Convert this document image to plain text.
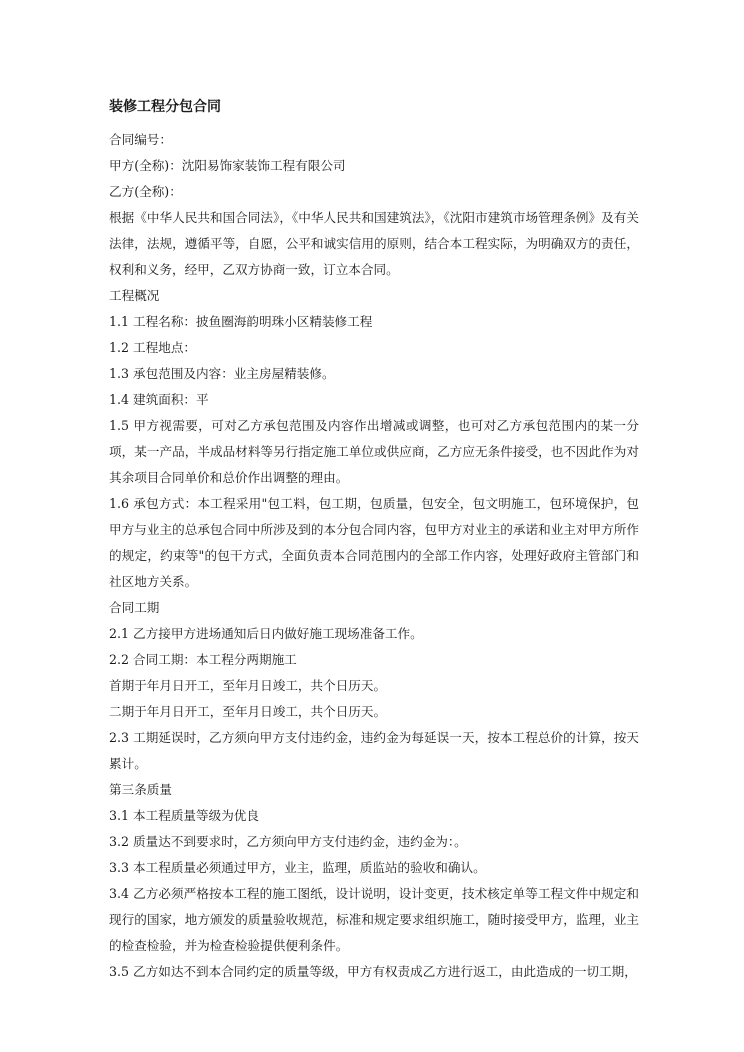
装修工程分包合同

合同编号：

甲方(全称)：沈阳易饰家装饰工程有限公司

乙方(全称)：

根据《中华人民共和国合同法》，《中华人民共和国建筑法》，《沈阳市建筑市场管理条例》及有关法律，法规，遵循平等，自愿，公平和诚实信用的原则，结合本工程实际，为明确双方的责任，权利和义务，经甲，乙双方协商一致，订立本合同。

工程概况

1.1 工程名称：披鱼圈海韵明珠小区精装修工程

1.2 工程地点：

1.3 承包范围及内容：业主房屋精装修。

1.4 建筑面积：平

1.5 甲方视需要，可对乙方承包范围及内容作出增减或调整，也可对乙方承包范围内的某一分项，某一产品，半成品材料等另行指定施工单位或供应商，乙方应无条件接受，也不因此作为对其余项目合同单价和总价作出调整的理由。

1.6 承包方式：本工程采用"包工料，包工期，包质量，包安全，包文明施工，包环境保护，包甲方与业主的总承包合同中所涉及到的本分包合同内容，包甲方对业主的承诺和业主对甲方所作的规定，约束等"的包干方式，全面负责本合同范围内的全部工作内容，处理好政府主管部门和社区地方关系。

合同工期

2.1 乙方接甲方进场通知后日内做好施工现场准备工作。

2.2 合同工期：本工程分两期施工

首期于年月日开工，至年月日竣工，共个日历天。

二期于年月日开工，至年月日竣工，共个日历天。

2.3 工期延误时，乙方须向甲方支付违约金，违约金为每延误一天，按本工程总价的计算，按天累计。

第三条质量

3.1 本工程质量等级为优良

3.2 质量达不到要求时，乙方须向甲方支付违约金，违约金为：。

3.3 本工程质量必须通过甲方，业主，监理，质监站的验收和确认。

3.4 乙方必须严格按本工程的施工图纸，设计说明，设计变更，技术核定单等工程文件中规定和现行的国家，地方颁发的质量验收规范，标准和规定要求组织施工，随时接受甲方，监理，业主的检查检验，并为检查检验提供便利条件。

3.5 乙方如达不到本合同约定的质量等级，甲方有权责成乙方进行返工，由此造成的一切工期，
